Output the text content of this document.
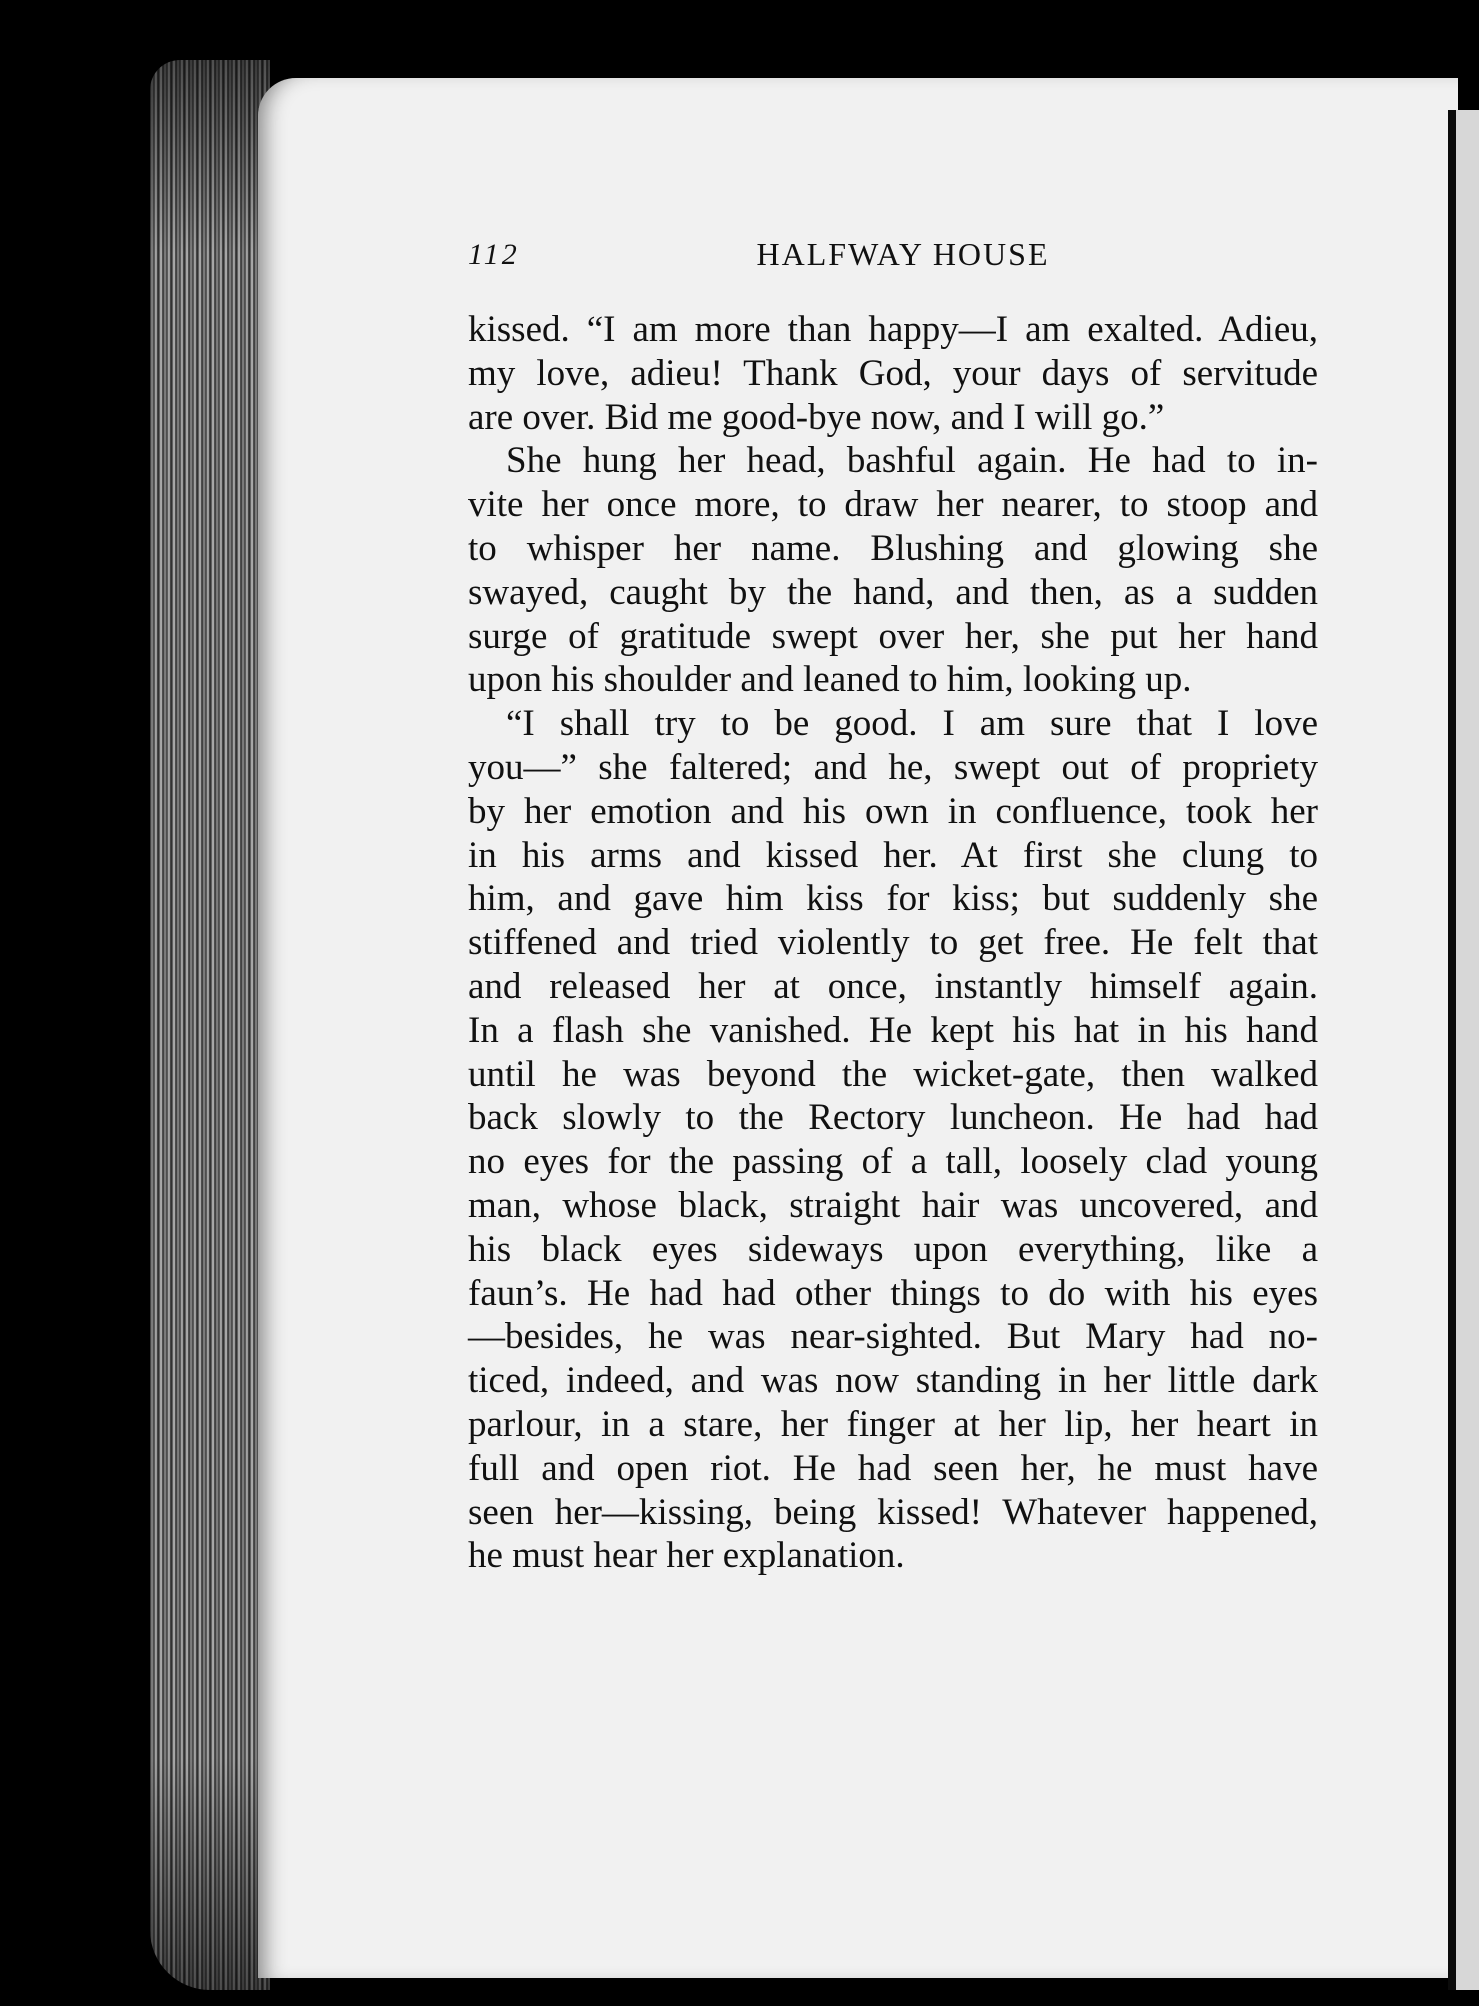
112	HALFWAY HOUSE
kissed. “I am more than happy—I am exalted. Adieu,
my love, adieu! Thank God, your days of servitude
are over. Bid me good-bye now, and I will go.”
She hung her head, bashful again. He had to in-
vite her once more, to draw her nearer, to stoop and
to whisper her name. Blushing and glowing she
swayed, caught by the hand, and then, as a sudden
surge of gratitude swept over her, she put her hand
upon his shoulder and leaned to him, looking up.
“I shall try to be good. I am sure that I love
you—” she faltered; and he, swept out of propriety
by her emotion and his own in confluence, took her
in his arms and kissed her. At first she clung to
him, and gave him kiss for kiss; but suddenly she
stiffened and tried violently to get free. He felt that
and released her at once, instantly himself again.
In a flash she vanished. He kept his hat in his hand
until he was beyond the wicket-gate, then walked
back slowly to the Rectory luncheon. He had had
no eyes for the passing of a tall, loosely clad young
man, whose black, straight hair was uncovered, and
his black eyes sideways upon everything, like a
faun’s. He had had other things to do with his eyes
—besides, he was near-sighted. But Mary had no-
ticed, indeed, and was now standing in her little dark
parlour, in a stare, her finger at her lip, her heart in
full and open riot. He had seen her, he must have
seen her—kissing, being kissed! Whatever happened,
he must hear her explanation.
